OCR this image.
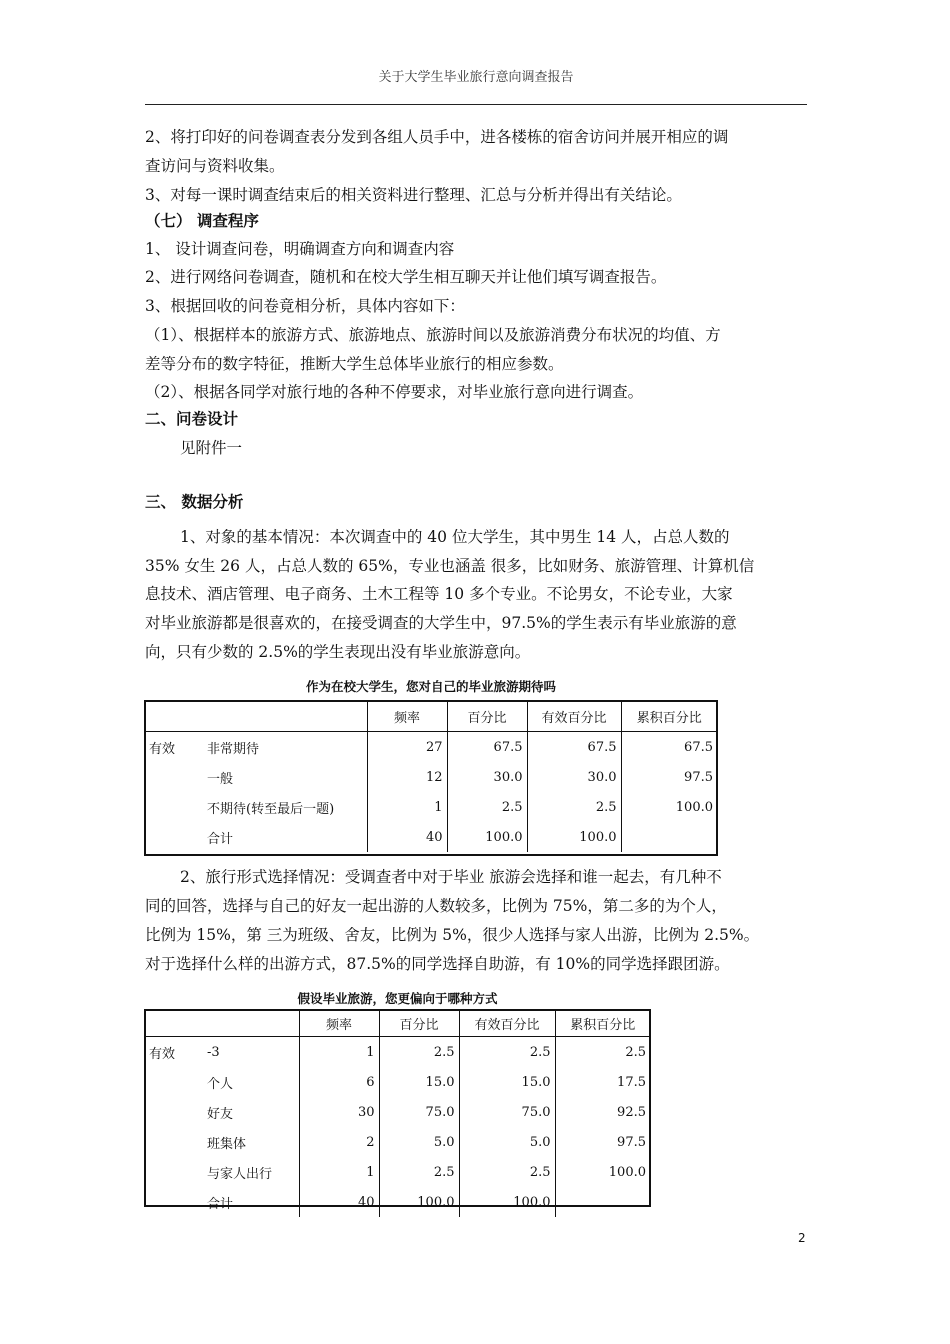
关于大学生毕业旅行意向调查报告
2、将打印好的问卷调查表分发到各组人员手中，进各楼栋的宿舍访问并展开相应的调
查访问与资料收集。
3、对每一课时调查结束后的相关资料进行整理、汇总与分析并得出有关结论。
（七） 调查程序
1、 设计调查问卷，明确调查方向和调查内容
2、进行网络问卷调查，随机和在校大学生相互聊天并让他们填写调查报告。
3、根据回收的问卷竟相分析，具体内容如下：
（1）、根据样本的旅游方式、旅游地点、旅游时间以及旅游消费分布状况的均值、方
差等分布的数字特征，推断大学生总体毕业旅行的相应参数。
（2）、根据各同学对旅行地的各种不停要求，对毕业旅行意向进行调查。
二、问卷设计
见附件一
三、 数据分析
1、对象的基本情况：本次调查中的 40 位大学生，其中男生 14 人，占总人数的
35% 女生 26 人，占总人数的 65%，专业也涵盖 很多，比如财务、旅游管理、计算机信
息技术、酒店管理、电子商务、土木工程等 10 多个专业。不论男女，不论专业，大家
对毕业旅游都是很喜欢的，在接受调查的大学生中，97.5%的学生表示有毕业旅游的意
向，只有少数的 2.5%的学生表现出没有毕业旅游意向。
作为在校大学生，您对自己的毕业旅游期待吗
		频率	百分比	有效百分比	累积百分比
有效	非常期待	27	67.5	67.5	67.5
	一般	12	30.0	30.0	97.5
	不期待(转至最后一题)	1	2.5	2.5	100.0
	合计	40	100.0	100.0	
2、旅行形式选择情况：受调查者中对于毕业 旅游会选择和谁一起去，有几种不
同的回答，选择与自己的好友一起出游的人数较多，比例为 75%，第二多的为个人，
比例为 15%，第 三为班级、舍友，比例为 5%，很少人选择与家人出游，比例为 2.5%。
对于选择什么样的出游方式，87.5%的同学选择自助游，有 10%的同学选择跟团游。
假设毕业旅游，您更偏向于哪种方式
		频率	百分比	有效百分比	累积百分比
有效	-3	1	2.5	2.5	2.5
	个人	6	15.0	15.0	17.5
	好友	30	75.0	75.0	92.5
	班集体	2	5.0	5.0	97.5
	与家人出行	1	2.5	2.5	100.0
	合计	40	100.0	100.0	
2
